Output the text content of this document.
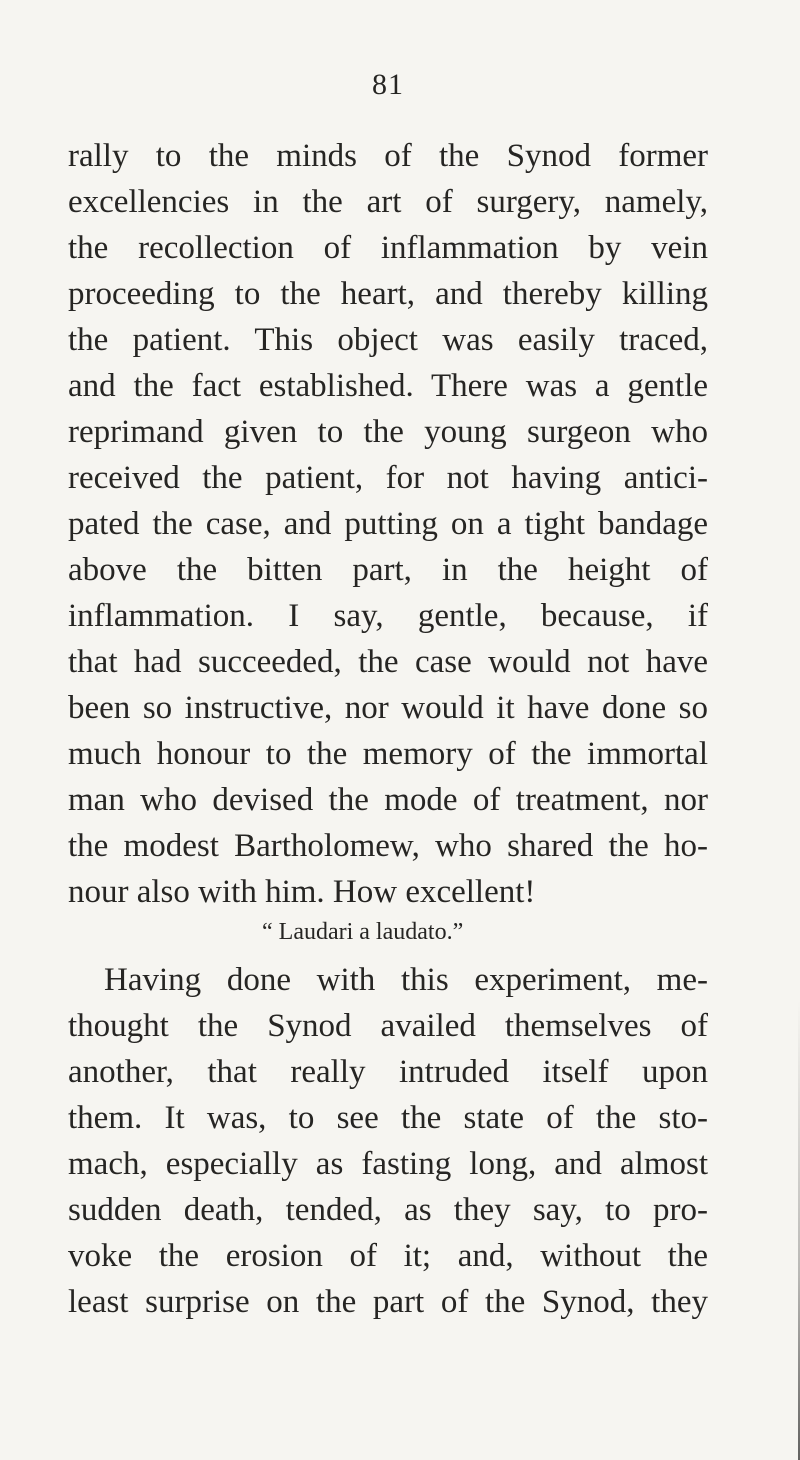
81
rally to the minds of the Synod former
excellencies in the art of surgery, namely,
the recollection of inflammation by vein
proceeding to the heart, and thereby killing
the patient. This object was easily traced,
and the fact established. There was a gentle
reprimand given to the young surgeon who
received the patient, for not having antici-
pated the case, and putting on a tight bandage
above the bitten part, in the height of
inflammation. I say, gentle, because, if
that had succeeded, the case would not have
been so instructive, nor would it have done so
much honour to the memory of the immortal
man who devised the mode of treatment, nor
the modest Bartholomew, who shared the ho-
nour also with him. How excellent!
“ Laudari a laudato.”
Having done with this experiment, me-
thought the Synod availed themselves of
another, that really intruded itself upon
them. It was, to see the state of the sto-
mach, especially as fasting long, and almost
sudden death, tended, as they say, to pro-
voke the erosion of it; and, without the
least surprise on the part of the Synod, they
